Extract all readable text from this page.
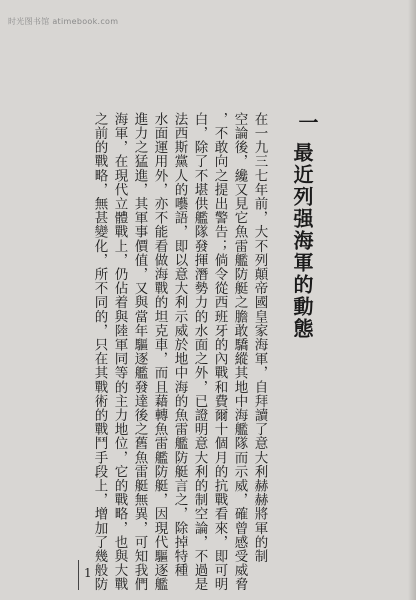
时光图书馆 atimebook.com
一
最近列强海軍的動態
在一九三七年前，大不列顛帝國皇家海軍，自拜讀了意大利赫赫將軍的制
空論後，纔又見它魚雷艦防艇之膽敢驕縱其地中海艦隊而示威，確曾感受威脅
，不敢向之提出警告；倘令從西班牙的內戰和費爾十個月的抗戰看來，即可明
白，除了不堪供艦隊發揮潛勢力的水面之外，已證明意大利的制空論，不過是
法西斯黨人的囈語，即以意大利示威於地中海的魚雷艦防艇言之，除掉特種
水面運用外，亦不能看做海戰的坦克車，而且藉轉魚雷艦防艇，因現代驅逐艦
進力之猛進，其軍事價值，又與當年驅逐艦發達後之舊魚雷艇無異，可知我們
海軍，在現代立體戰上，仍佔着與陸軍同等的主力地位，它的戰略，也與大戰
之前的戰略，無甚變化，所不同的，只在其戰術的戰鬥手段上，增加了幾般防
1
